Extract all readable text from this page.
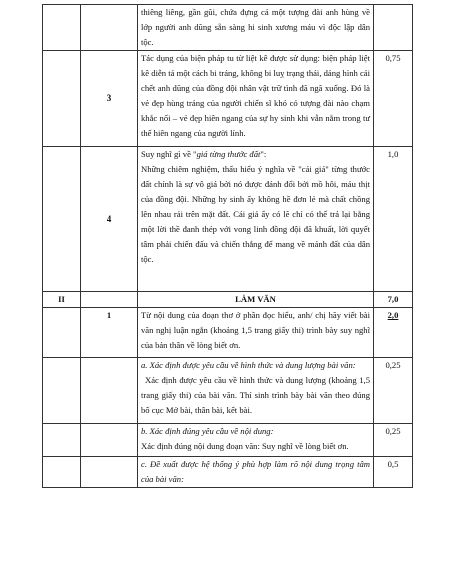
		thiêng liêng, gần gũi, chứa đựng cả một tượng đài anh hùng về lớp người anh dũng sẵn sàng hi sinh xương máu vì độc lập dân tộc.	
	3	Tác dụng của biện pháp tu từ liệt kê được sử dụng: biện pháp liệt kê diễn tả một cách bi tráng, không bi luỵ trạng thái, dáng hình cái chết anh dũng của đồng đội nhân vật trữ tình đã ngã xuống. Đó là vẻ đẹp hùng tráng của người chiến sĩ khó có tượng đài nào chạm khắc nổi – vẻ đẹp hiên ngang của sự hy sinh khi vẫn nằm trong tư thế hiên ngang của người lính.	0,75
	4	Suy nghĩ gì về "giá từng thước đất":

Những chiêm nghiệm, thấu hiểu ý nghĩa về "cái giá" từng thước đất chính là sự vô giá bởi nó được đánh đổi bởi mồ hôi, máu thịt của đồng đội. Những hy sinh ấy không hề đơn lẻ mà chất chồng lên nhau rải trên mặt đất. Cái giá ấy có lẽ chỉ có thể trả lại bằng một lời thề đanh thép với vong linh đồng đội đã khuất, lời quyết tâm phải chiến đấu và chiến thắng để mang về mảnh đất của dân tộc.	1,0
II		LÀM VĂN	7,0
	1	Từ nội dung của đoạn thơ ở phần đọc hiểu, anh/ chị hãy viết bài văn nghị luận ngắn (khoảng 1,5 trang giấy thi) trình bày suy nghĩ của bản thân về lòng biết ơn.	2,0

		a. Xác định được yêu cầu về hình thức và dung lượng bài văn:

Xác định được yêu cầu về hình thức và dung lượng (khoảng 1,5 trang giấy thi) của bài văn. Thí sinh trình bày bài văn theo đúng bố cục Mở bài, thân bài, kết bài.	0,25

		b. Xác định đúng yêu cầu về nội dung:

Xác định đúng nội dung đoạn văn: Suy nghĩ về lòng biết ơn.	0,25

		c. Đề xuất được hệ thống ý phù hợp làm rõ nội dung trọng tâm của bài văn:	0,5
